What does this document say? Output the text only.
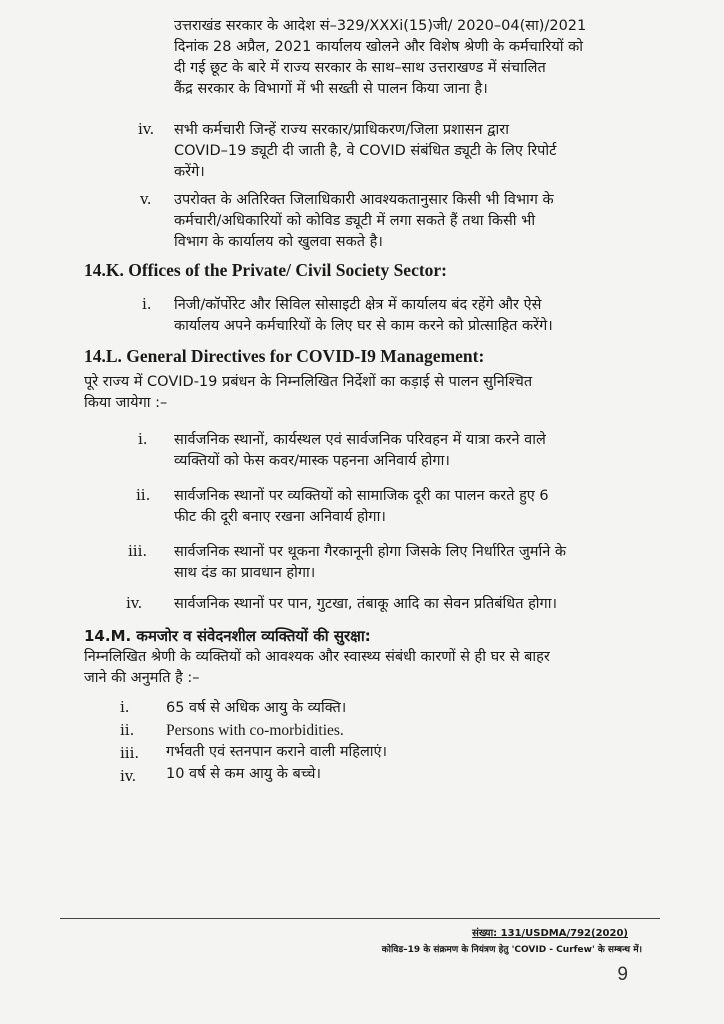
उत्तराखंड सरकार के आदेश सं–329/XXXi(15)जी/ 2020–04(सा)/2021
दिनांक 28 अप्रैल, 2021 कार्यालय खोलने और विशेष श्रेणी के कर्मचारियों को
दी गई छूट के बारे में राज्य सरकार के साथ–साथ उत्तराखण्ड में संचालित
कैंद्र सरकार के विभागों में भी सख्ती से पालन किया जाना है।
iv. सभी कर्मचारी जिन्हें राज्य सरकार/प्राधिकरण/जिला प्रशासन द्वारा
COVID–19 ड्यूटी दी जाती है, वे COVID संबंधित ड्यूटी के लिए रिपोर्ट
करेंगे।
v. उपरोक्त के अतिरिक्त जिलाधिकारी आवश्यकतानुसार किसी भी विभाग के
कर्मचारी/अधिकारियों को कोविड ड्यूटी में लगा सकते हैं तथा किसी भी
विभाग के कार्यालय को खुलवा सकते है।
14.K. Offices of the Private/ Civil Society Sector:
i. निजी/कॉर्पोरेट और सिविल सोसाइटी क्षेत्र में कार्यालय बंद रहेंगे और ऐसे
कार्यालय अपने कर्मचारियों के लिए घर से काम करने को प्रोत्साहित करेंगे।
14.L. General Directives for COVID-I9 Management:
पूरे राज्य में COVID-19 प्रबंधन के निम्नलिखित निर्देशों का कड़ाई से पालन सुनिश्चित
किया जायेगा :–
i. सार्वजनिक स्थानों, कार्यस्थल एवं सार्वजनिक परिवहन में यात्रा करने वाले
व्यक्तियों को फेस कवर/मास्क पहनना अनिवार्य होगा।
ii. सार्वजनिक स्थानों पर व्यक्तियों को सामाजिक दूरी का पालन करते हुए 6
फीट की दूरी बनाए रखना अनिवार्य होगा।
iii. सार्वजनिक स्थानों पर थूकना गैरकानूनी होगा जिसके लिए निर्धारित जुर्माने के
साथ दंड का प्रावधान होगा।
iv. सार्वजनिक स्थानों पर पान, गुटखा, तंबाकू आदि का सेवन प्रतिबंधित होगा।
14.M. कमजोर व संवेदनशील व्यक्तियों की सुरक्षा:
निम्नलिखित श्रेणी के व्यक्तियों को आवश्यक और स्वास्थ्य संबंधी कारणों से ही घर से बाहर
जाने की अनुमति है :–
i.	65 वर्ष से अधिक आयु के व्यक्ति।
ii. Persons with co-morbidities.
iii. गर्भवती एवं स्तनपान कराने वाली महिलाएं।
iv. 10 वर्ष से कम आयु के बच्चे।
संख्या: 131/USDMA/792(2020)
कोविड–19 के संक्रमण के नियंत्रण हेतु 'COVID - Curfew' के सम्बन्ध में।
9
